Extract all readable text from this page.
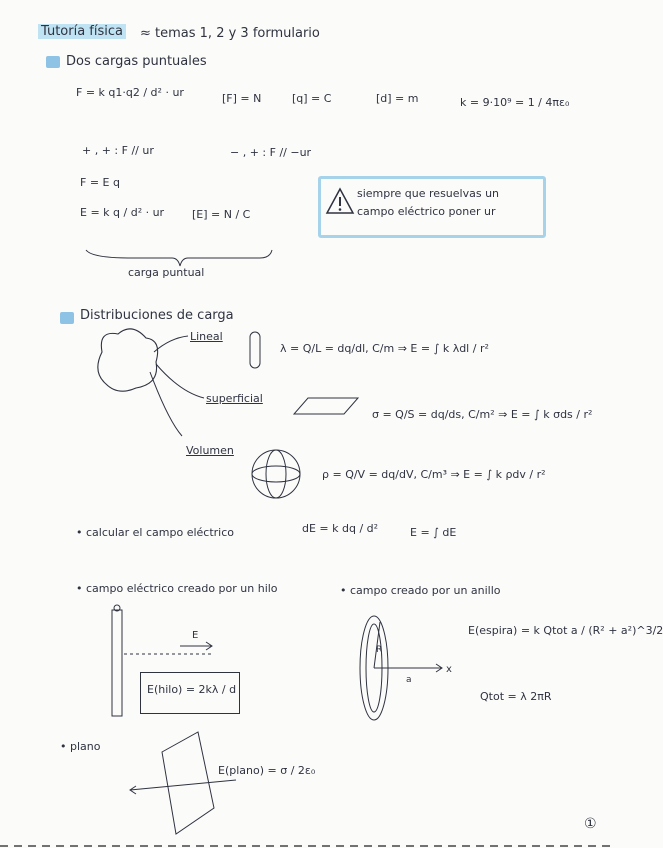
Tutoría física ≈ temas 1, 2 y 3 formulario
Dos cargas puntuales
F = k q1·q2 / d² · ur	[F] = N	[q] = C	[d] = m	k = 9·10⁹ = 1 / 4πε₀
+ , + : F // ur	− , + : F // −ur
F = E q
E = k q / d² · ur	[E] = N / C
carga puntual
siempre que resuelvas un
campo eléctrico poner ur
Distribuciones de carga
Lineal
λ = Q/L = dq/dl, C/m ⇒ E = ∫ k λdl / r²
superficial
σ = Q/S = dq/ds, C/m² ⇒ E = ∫ k σds / r²
Volumen
ρ = Q/V = dq/dV, C/m³ ⇒ E = ∫ k ρdv / r²
• calcular el campo eléctrico	dE = k dq / d²	E = ∫ dE
• campo eléctrico creado por un hilo	• campo creado por un anillo
E(hilo) = 2kλ / d
E(espira) = k Qtot a / (R² + a²)^3/2
Qtot = λ 2πR
• plano
E(plano) = σ / 2ε₀
①
E
x
R
a
